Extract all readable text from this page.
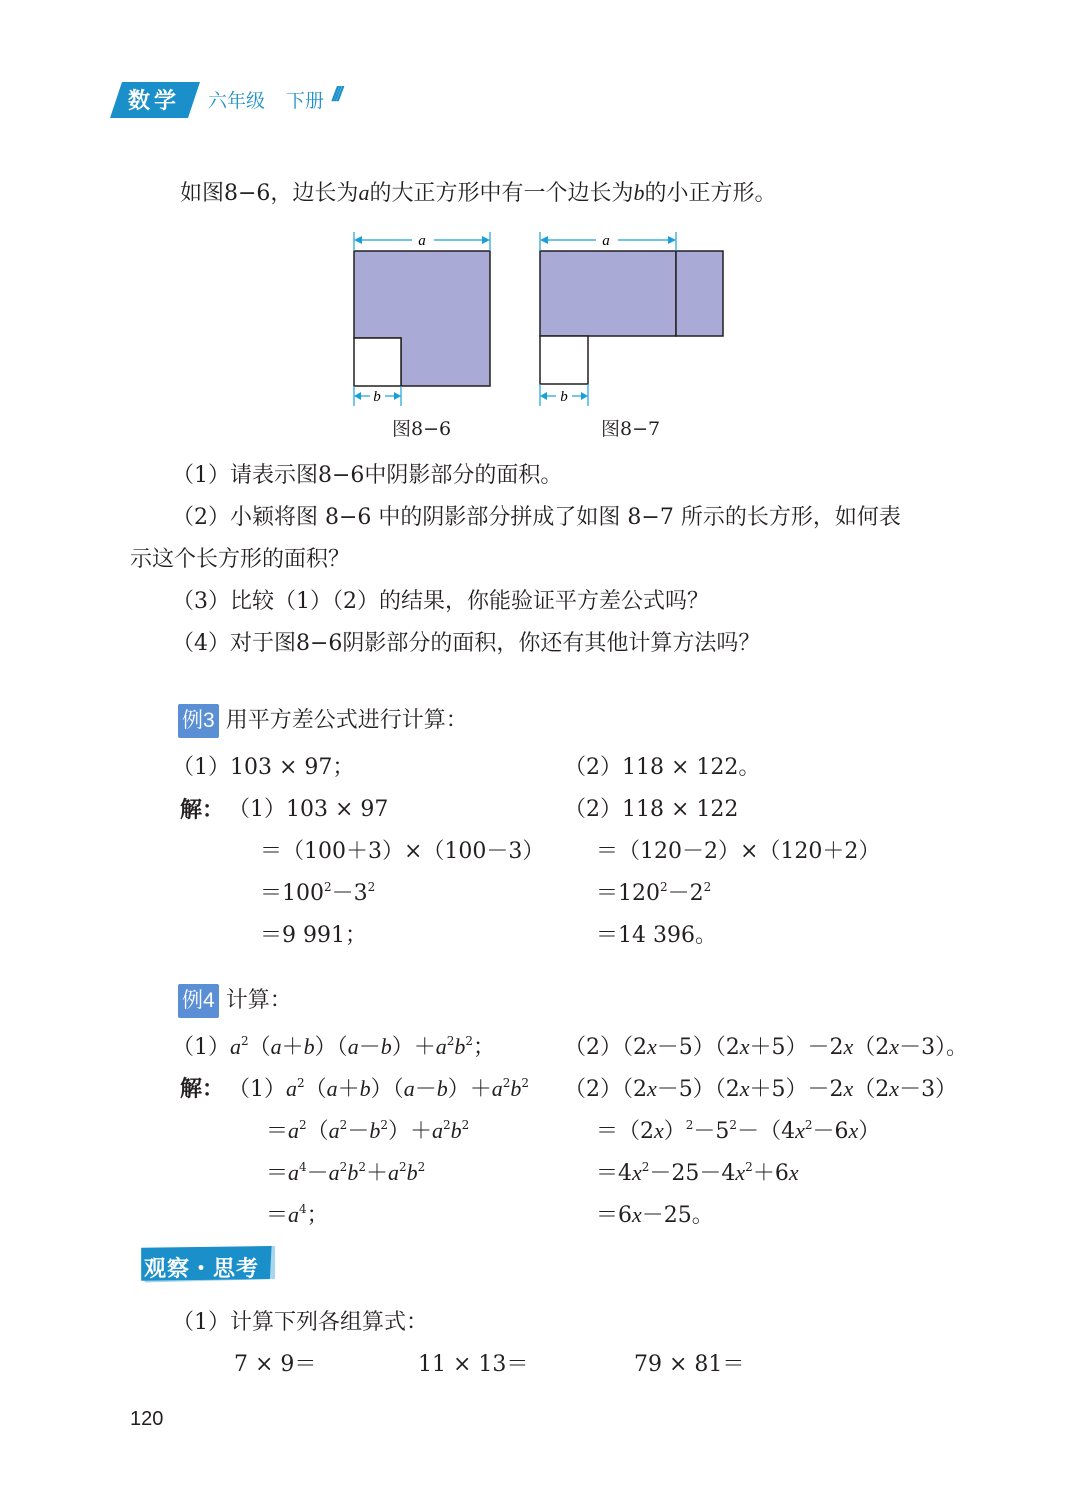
数学 六年级 下册 ///
如图8−6，边长为a的大正方形中有一个边长为b的小正方形。
a
b
图8−6
a
b
图8−7
（1）请表示图8−6中阴影部分的面积。
（2）小颖将图 8−6 中的阴影部分拼成了如图 8−7 所示的长方形，如何表
示这个长方形的面积？
（3）比较（1）（2）的结果，你能验证平方差公式吗？
（4）对于图8−6阴影部分的面积，你还有其他计算方法吗？
例3 用平方差公式进行计算：
（1）103 × 97；	（2）118 × 122。
解： （1）103 × 97
＝（100＋3）×（100－3）
$=100^2-3^2$
＝9 991；
（2）118 × 122
＝（120－2）×（120＋2）
$=120^2-2^2$
＝14 396。
例4 计算：
$(1)a^2(a+b)(a-b)+a^2b^2$；	（2）（2x－5）（2x＋5）－2x（2x－3）。
解： $(1)a^2(a+b)(a-b)+a^2b^2$
$=a^2(a^2-b^2)+a^2b^2$
$=a^4-a^2b^2+a^2b^2$
$=a^4$；
（2）（2x－5）（2x＋5）－2x（2x－3）
$=(2x)^2-5^2-(4x^2-6x)$
$=4x^2-25-4x^2+6x$
＝6x－25。
观察・思考
（1）计算下列各组算式：
7 × 9＝	11 × 13＝	79 × 81＝
120
